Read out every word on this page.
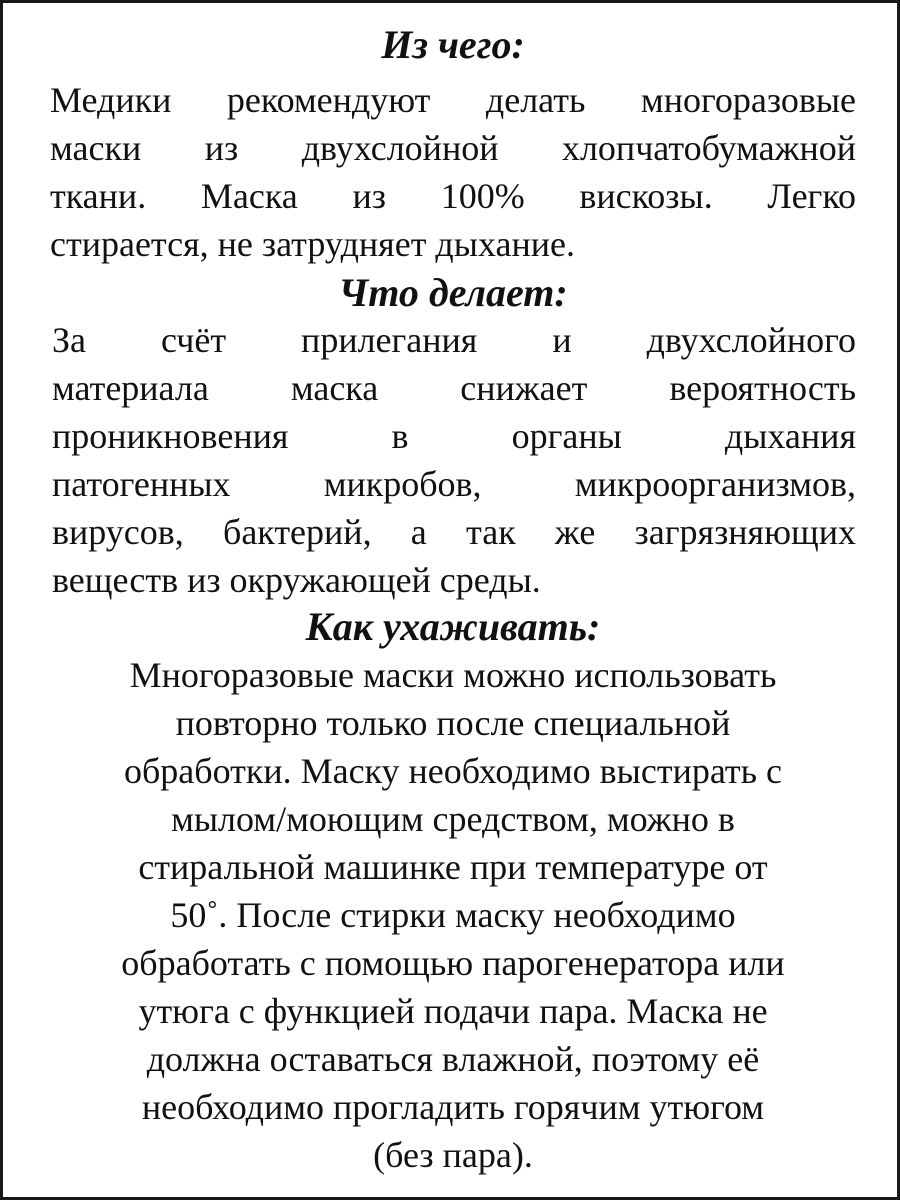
Из чего:
Медики рекомендуют делать многоразовые
маски из двухслойной хлопчатобумажной
ткани. Маска из 100% вискозы. Легко
стирается, не затрудняет дыхание.
Что делает:
За счёт прилегания и двухслойного
материала маска снижает вероятность
проникновения в органы дыхания
патогенных микробов, микроорганизмов,
вирусов, бактерий, а так же загрязняющих
веществ из окружающей среды.
Как ухаживать:
Многоразовые маски можно использовать
повторно только после специальной
обработки. Маску необходимо выстирать с
мылом/моющим средством, можно в
стиральной машинке при температуре от
50˚. После стирки маску необходимо
обработать с помощью парогенератора или
утюга с функцией подачи пара. Маска не
должна оставаться влажной, поэтому её
необходимо прогладить горячим утюгом
(без пара).
